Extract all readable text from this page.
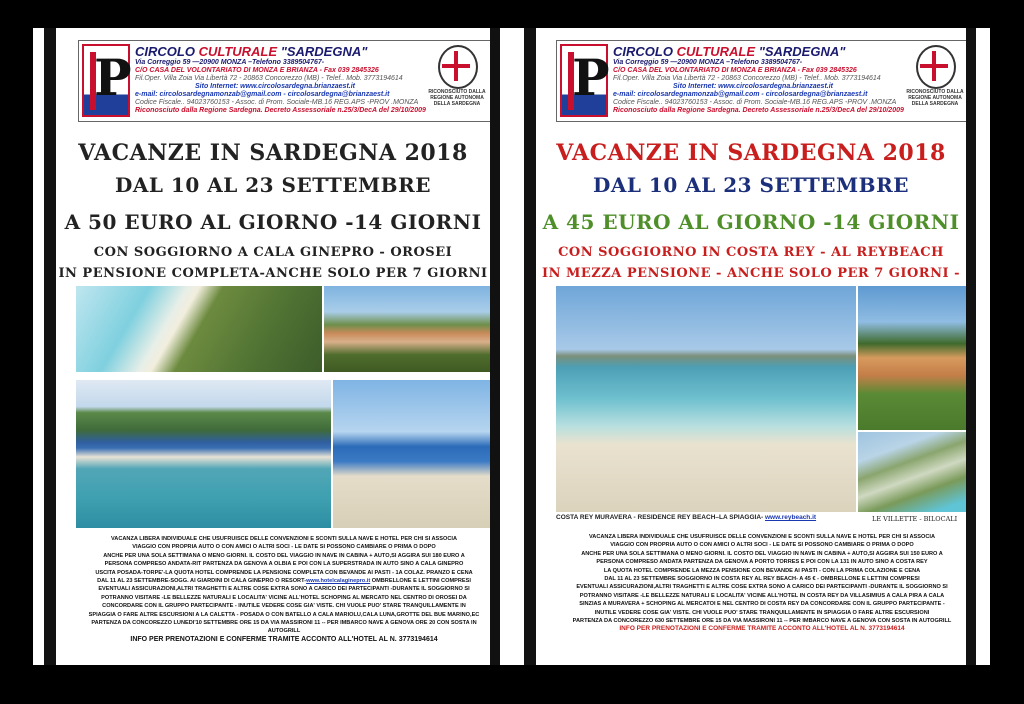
P CIRCOLO CULTURALE "SARDEGNA"
Via Correggio 59 —20900 MONZA –Telefono 3389504767-
C/O CASA DEL VOLONTARIATO DI MONZA E BRIANZA - Fax 039 2845326
Fil.Oper. Villa Zoia Via Libertà 72 - 20863 Concorezzo (MB) - Telef.. Mob. 3773194614
Sito Internet: www.circolosardegna.brianzaest.it
e-mail: circolosardegnamonzab@gmail.com - circolosardegna@brianzaest.it
Codice Fiscale.. 94023760153 - Assoc. di Prom. Sociale-MB.16 REG.APS -PROV .MONZA
Riconosciuto dalla Regione Sardegna. Decreto Assessoriale n.25/3/DecA del 29/10/2009
RICONOSCIUTO DALLA REGIONE AUTONOMA DELLA SARDEGNA
VACANZE IN SARDEGNA 2018
DAL 10 AL 23 SETTEMBRE
A 50 EURO AL GIORNO -14 GIORNI
CON SOGGIORNO A CALA GINEPRO - OROSEI
IN PENSIONE COMPLETA-ANCHE SOLO PER 7 GIORNI
VACANZA LIBERA INDIVIDUALE CHE USUFRUISCE DELLE CONVENZIONI E SCONTI SULLA NAVE E HOTEL PER CHI SI ASSOCIA
VIAGGIO CON PROPRIA AUTO O CON AMICI O ALTRI SOCI - LE DATE SI POSSONO CAMBIARE O PRIMA O DOPO
ANCHE PER UNA SOLA SETTIMANA O MENO GIORNI. IL COSTO DEL VIAGGIO IN NAVE IN CABINA + AUTO,SI AGGIRA SUI 180 EURO A
PERSONA COMPRESO ANDATA-RIT PARTENZA DA GENOVA A OLBIA E POI CON LA SUPERSTRADA IN AUTO SINO A CALA GINEPRO
USCITA POSADA-TORPE'-LA QUOTA HOTEL COMPRENDE LA PENSIONE COMPLETA CON BEVANDE AI PASTI - 1A COLAZ. PRANZO E CENA
DAL 11 AL 23 SETTEMBRE-SOGG. AI GIARDINI DI CALA GINEPRO O RESORT-www.hotelcalaginepro.it OMBRELLONE E LETTINI COMPRESI
EVENTUALI ASSICURAZIONI,ALTRI TRAGHETTI E ALTRE COSE EXTRA SONO A CARICO DEI PARTECIPANTI -DURANTE IL SOGGIORNO SI
POTRANNO VISITARE -LE BELLEZZE NATURALI E LOCALITA' VICINE ALL'HOTEL SCHOPING AL MERCATO NEL CENTRO DI OROSEI DA
CONCORDARE CON IL GRUPPO PARTECIPANTE - INUTILE VEDERE COSE GIA' VISTE. CHI VUOLE PUO' STARE TRANQUILLAMENTE IN
SPIAGGIA O FARE ALTRE ESCURSIONI A LA CALETTA - POSADA O CON BATELLO A CALA MARIOLU,CALA LUNA,GROTTE DEL BUE MARINO,EC
PARTENZA DA CONCOREZZO LUNEDI'10 SETTEMBRE ORE 15 DA VIA MASSIRONI 11 -- PER IMBARCO NAVE A GENOVA ORE 20 CON SOSTA IN AUTOGRILL
INFO PER PRENOTAZIONI E CONFERME TRAMITE ACCONTO ALL'HOTEL AL N. 3773194614
P CIRCOLO CULTURALE "SARDEGNA"
Via Correggio 59 —20900 MONZA –Telefono 3389504767-
C/O CASA DEL VOLONTARIATO DI MONZA E BRIANZA - Fax 039 2845326
Fil.Oper. Villa Zoia Via Libertà 72 - 20863 Concorezzo (MB) - Telef.. Mob. 3773194614
Sito Internet: www.circolosardegna.brianzaest.it
e-mail: circolosardegnamonzab@gmail.com - circolosardegna@brianzaest.it
Codice Fiscale.. 94023760153 - Assoc. di Prom. Sociale-MB.16 REG.APS -PROV .MONZA
Riconosciuto dalla Regione Sardegna. Decreto Assessoriale n.25/3/DecA del 29/10/2009
RICONOSCIUTO DALLA REGIONE AUTONOMA DELLA SARDEGNA
VACANZE IN SARDEGNA 2018
DAL 10 AL 23 SETTEMBRE
A 45 EURO AL GIORNO -14 GIORNI
CON SOGGIORNO IN COSTA REY - AL REYBEACH
IN MEZZA PENSIONE - ANCHE SOLO PER 7 GIORNI -
COSTA REY MURAVERA - RESIDENCE REY BEACH–LA SPIAGGIA- www.reybeach.it	LE VILLETTE - BILOCALI
VACANZA LIBERA INDIVIDUALE CHE USUFRUISCE DELLE CONVENZIONI E SCONTI SULLA NAVE E HOTEL PER CHI SI ASSOCIA
VIAGGIO CON PROPRIA AUTO O CON AMICI O ALTRI SOCI - LE DATE SI POSSONO CAMBIARE O PRIMA O DOPO
ANCHE PER UNA SOLA SETTIMANA O MENO GIORNI. IL COSTO DEL VIAGGIO IN NAVE IN CABINA + AUTO,SI AGGIRA SUI 150 EURO A
PERSONA COMPRESO ANDATA PARTENZA DA GENOVA A PORTO TORRES E POI CON LA 131 IN AUTO SINO A COSTA REY
LA QUOTA HOTEL COMPRENDE LA MEZZA PENSIONE CON BEVANDE AI PASTI - CON LA PRIMA COLAZIONE E CENA
DAL 11 AL 23 SETTEMBRE SOGGIORNO IN COSTA REY AL REY BEACH- A 45 € - OMBRELLONE E LETTINI COMPRESI
EVENTUALI ASSICURAZIONI,ALTRI TRAGHETTI E ALTRE COSE EXTRA SONO A CARICO DEI PARTECIPANTI -DURANTE IL SOGGIORNO SI
POTRANNO VISITARE -LE BELLEZZE NATURALI E LOCALITA' VICINE ALL'HOTEL IN COSTA REY DA VILLASIMIUS A CALA PIRA A CALA
SINZIAS A MURAVERA + SCHOPING AL MERCATOI E NEL CENTRO DI COSTA REY DA CONCORDARE CON IL GRUPPO PARTECIPANTE -
INUTILE VEDERE COSE GIA' VISTE. CHI VUOLE PUO' STARE TRANQUILLAMENTE IN SPIAGGIA O FARE ALTRE ESCURSIONI
PARTENZA DA CONCOREZZO 630 SETTEMBRE ORE 15 DA VIA MASSIRONI 11 -- PER IMBARCO NAVE A GENOVA CON SOSTA IN AUTOGRILL
INFO PER PRENOTAZIONI E CONFERME TRAMITE ACCONTO ALL'HOTEL AL N. 3773194614
